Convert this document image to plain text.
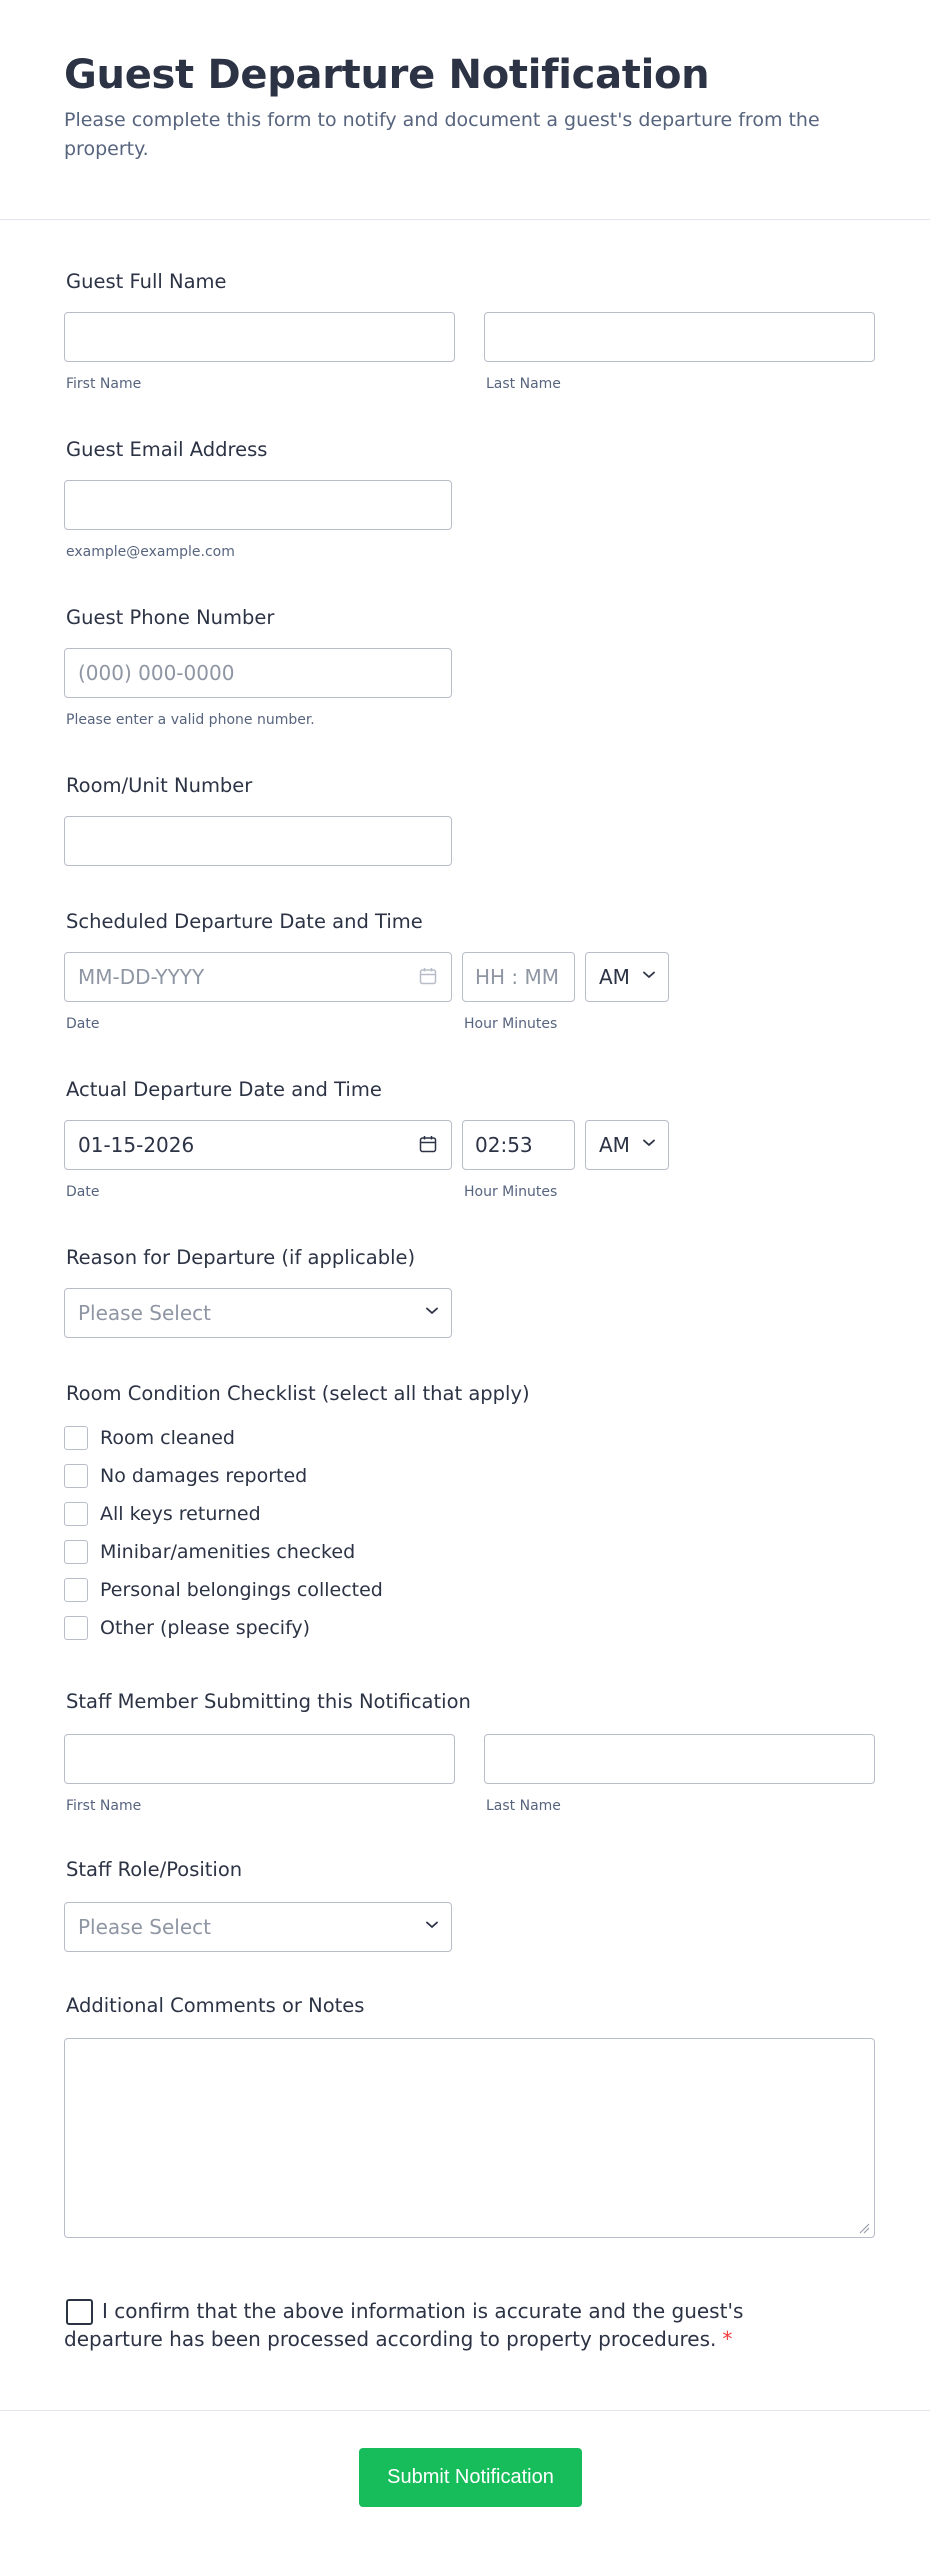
Guest Departure Notification
Please complete this form to notify and document a guest's departure from the property.
Guest Full Name
First Name	Last Name
Guest Email Address
example@example.com
Guest Phone Number
(000) 000-0000
Please enter a valid phone number.
Room/Unit Number
Scheduled Departure Date and Time
MM-DD-YYYY	HH : MM	AM
Date	Hour Minutes
Actual Departure Date and Time
01-15-2026	02:53	AM
Date	Hour Minutes
Reason for Departure (if applicable)
Please Select
Room Condition Checklist (select all that apply)
Room cleaned
No damages reported
All keys returned
Minibar/amenities checked
Personal belongings collected
Other (please specify)
Staff Member Submitting this Notification
First Name	Last Name
Staff Role/Position
Please Select
Additional Comments or Notes
I confirm that the above information is accurate and the guest's departure has been processed according to property procedures. *
Submit Notification
